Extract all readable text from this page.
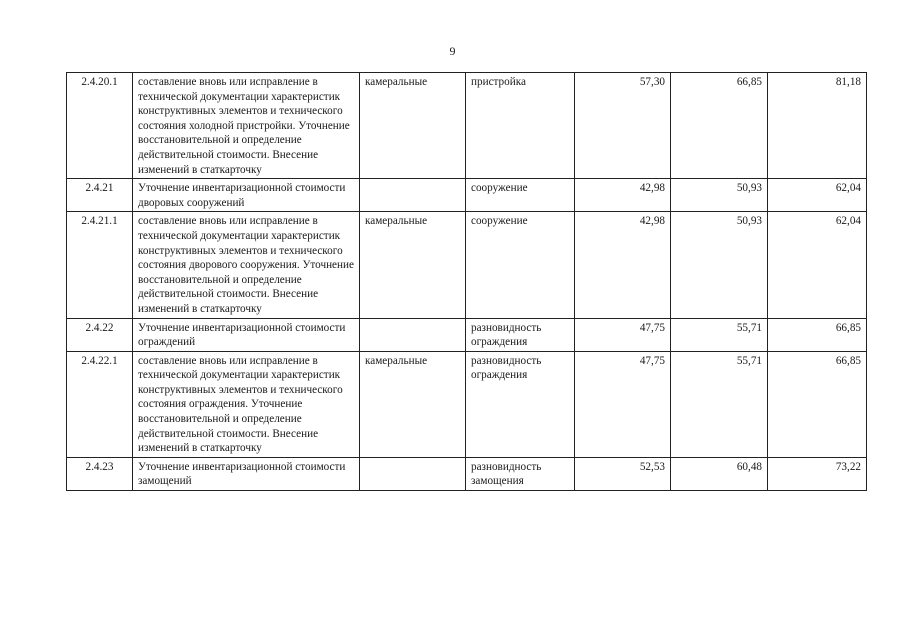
9
2.4.20.1	составление вновь или исправление в технической документации характеристик конструктивных элементов и технического состояния холодной пристройки. Уточнение восстановительной и определение действительной стоимости. Внесение изменений в статкарточку	камеральные	пристройка	57,30	66,85	81,18
2.4.21	Уточнение инвентаризационной стоимости дворовых сооружений		сооружение	42,98	50,93	62,04
2.4.21.1	составление вновь или исправление в технической документации характеристик конструктивных элементов и технического состояния дворового сооружения. Уточнение восстановительной и определение действительной стоимости. Внесение изменений в статкарточку	камеральные	сооружение	42,98	50,93	62,04
2.4.22	Уточнение инвентаризационной стоимости ограждений		разновидность ограждения	47,75	55,71	66,85
2.4.22.1	составление вновь или исправление в технической документации характеристик конструктивных элементов и технического состояния ограждения. Уточнение восстановительной и определение действительной стоимости. Внесение изменений в статкарточку	камеральные	разновидность ограждения	47,75	55,71	66,85
2.4.23	Уточнение инвентаризационной стоимости замощений		разновидность замощения	52,53	60,48	73,22
